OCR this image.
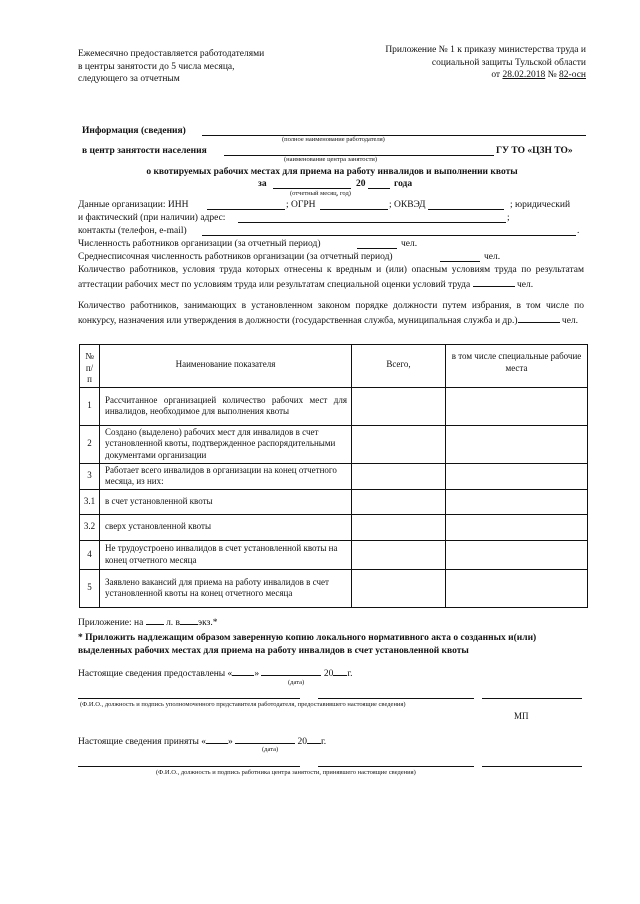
Ежемесячно предоставляется работодателями
в центры занятости до 5 числа месяца,
следующего за отчетным
Приложение № 1 к приказу министерства труда и
социальной защиты Тульской области
от 28.02.2018 № 82-осн
Информация (сведения)
(полное наименование работодателя)
в центр занятости населения	ГУ ТО «ЦЗН ТО»
(наименование центра занятости)
о квотируемых рабочих местах для приема на работу инвалидов и выполнении квоты
за	20	года
(отчетный месяц, год)
Данные организации: ИНН	; ОГРН	; ОКВЭД	; юридический
и фактический (при наличии) адрес:	;
контакты (телефон, e-mail)	.
Численность работников организации (за отчетный период)	чел.
Среднесписочная численность работников организации (за отчетный период)	чел.

Количество работников, условия труда которых отнесены к вредным и (или) опасным условиям труда по результатам аттестации рабочих мест по условиям труда или результатам специальной оценки условий труда	чел.

Количество работников, занимающих в установленном законом порядке должности путем избрания, в том числе по конкурсу, назначения или утверждения в должности (государственная служба, муниципальная служба и др.)	чел.

№ п/п	Наименование показателя	Всего,	в том числе специальные рабочие места
1	Рассчитанное организацией количество рабочих мест для инвалидов, необходимое для выполнения квоты		
2	Создано (выделено) рабочих мест для инвалидов в счет установленной квоты, подтвержденное распорядительными документами организации		
3	Работает всего инвалидов в организации на конец отчетного месяца, из них:		
3.1	в счет установленной квоты		
3.2	сверх установленной квоты		
4	Не трудоустроено инвалидов в счет установленной квоты на конец отчетного месяца		
5	Заявлено вакансий для приема на работу инвалидов в счет установленной квоты на конец отчетного месяца		
Приложение: на л. в экз.*
* Приложить надлежащим образом заверенную копию локального нормативного акта о созданных и(или) выделенных рабочих местах для приема на работу инвалидов в счет установленной квоты
Настоящие сведения предоставлены « »	20 г.
(дата)
(Ф.И.О., должность и подпись уполномоченного представителя работодателя, предоставившего настоящие сведения)
МП
Настоящие сведения приняты « »	20 г.
(дата)
(Ф.И.О., должность и подпись работника центра занятости, принявшего настоящие сведения)
